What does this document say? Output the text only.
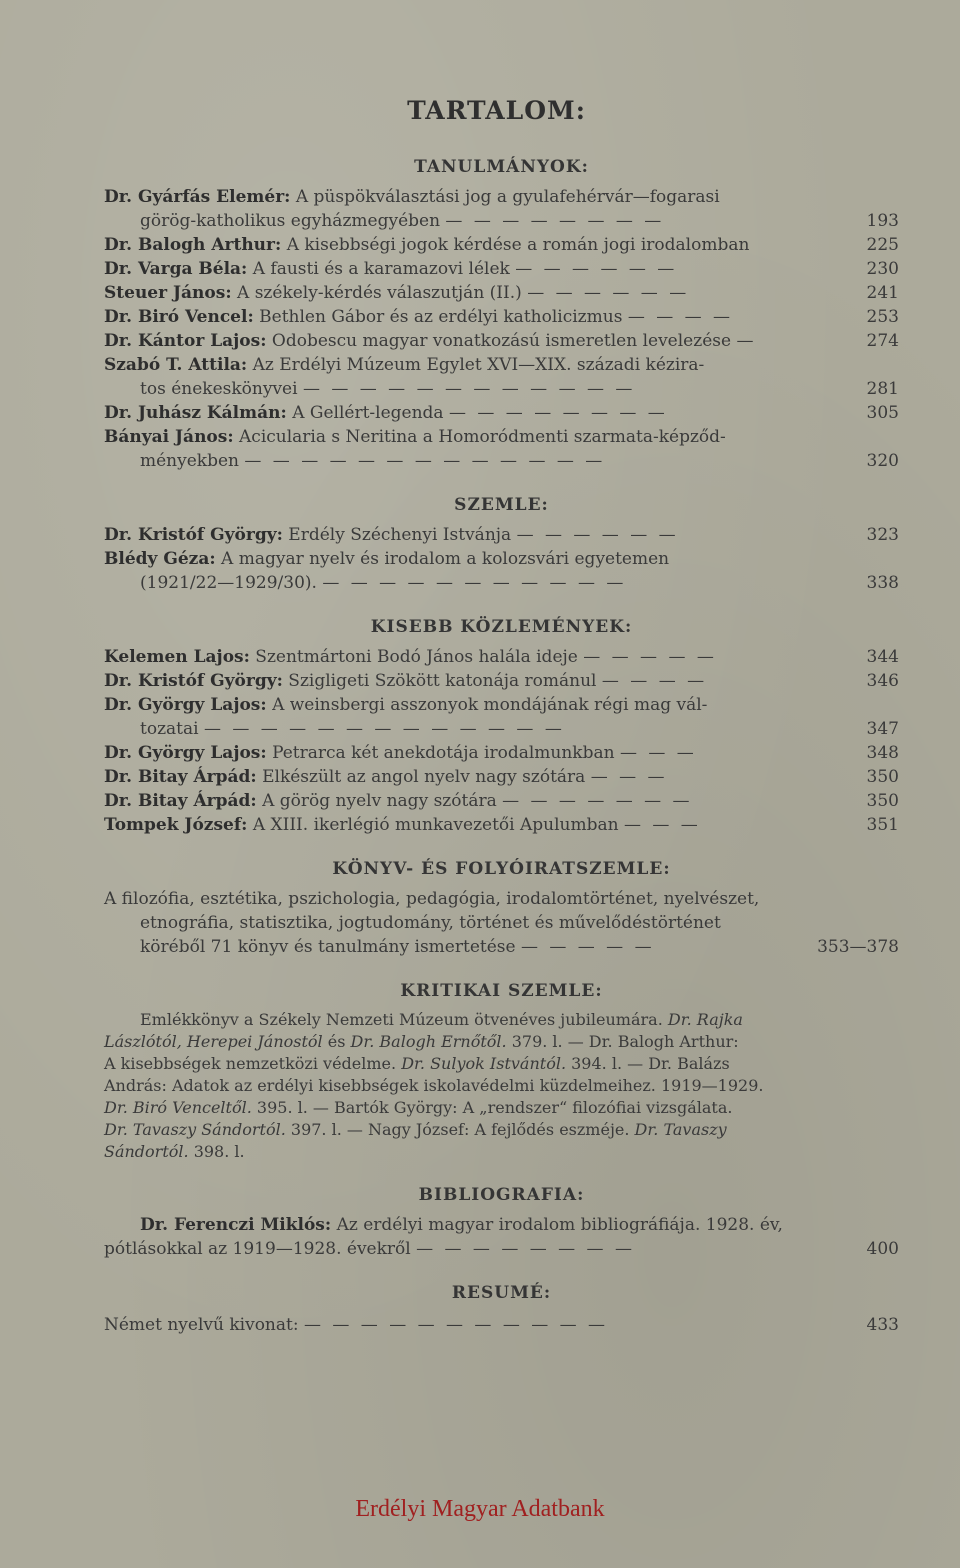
TARTALOM:
TANULMÁNYOK:
Dr. Gyárfás Elemér: A püspökválasztási jog a gyulafehérvár—fogarasi
görög-katholikus egyházmegyében — — — — — — — —	193
Dr. Balogh Arthur: A kisebbségi jogok kérdése a román jogi irodalomban	225
Dr. Varga Béla: A fausti és a karamazovi lélek — — — — — —	230
Steuer János: A székely-kérdés válaszutján (II.) — — — — — —	241
Dr. Biró Vencel: Bethlen Gábor és az erdélyi katholicizmus — — — —	253
Dr. Kántor Lajos: Odobescu magyar vonatkozású ismeretlen levelezése —	274
Szabó T. Attila: Az Erdélyi Múzeum Egylet XVI—XIX. századi kézira-
tos énekeskönyvei — — — — — — — — — — — —	281
Dr. Juhász Kálmán: A Gellért-legenda — — — — — — — —	305
Bányai János: Acicularia s Neritina a Homoródmenti szarmata-képződ-
ményekben — — — — — — — — — — — — —	320
SZEMLE:
Dr. Kristóf György: Erdély Széchenyi Istvánja — — — — — —	323
Blédy Géza: A magyar nyelv és irodalom a kolozsvári egyetemen
(1921/22—1929/30). — — — — — — — — — — —	338
KISEBB KÖZLEMÉNYEK:
Kelemen Lajos: Szentmártoni Bodó János halála ideje — — — — —	344
Dr. Kristóf György: Szigligeti Szökött katonája románul — — — —	346
Dr. György Lajos: A weinsbergi asszonyok mondájának régi mag vál-
tozatai — — — — — — — — — — — — —	347
Dr. György Lajos: Petrarca két anekdotája irodalmunkban — — —	348
Dr. Bitay Árpád: Elkészült az angol nyelv nagy szótára — — —	350
Dr. Bitay Árpád: A görög nyelv nagy szótára — — — — — — —	350
Tompek József: A XIII. ikerlégió munkavezetői Apulumban — — —	351
KÖNYV- ÉS FOLYÓIRATSZEMLE:
A filozófia, esztétika, pszichologia, pedagógia, irodalomtörténet, nyelvészet,
etnográfia, statisztika, jogtudomány, történet és művelődéstörténet
köréből 71 könyv és tanulmány ismertetése — — — — —	353—378
KRITIKAI SZEMLE:
Emlékkönyv a Székely Nemzeti Múzeum ötvenéves jubileumára. Dr. Rajka
Lászlótól, Herepei Jánostól és Dr. Balogh Ernőtől. 379. l. — Dr. Balogh Arthur:
A kisebbségek nemzetközi védelme. Dr. Sulyok Istvántól. 394. l. — Dr. Balázs
András: Adatok az erdélyi kisebbségek iskolavédelmi küzdelmeihez. 1919—1929.
Dr. Biró Venceltől. 395. l. — Bartók György: A „rendszer“ filozófiai vizsgálata.
Dr. Tavaszy Sándortól. 397. l. — Nagy József: A fejlődés eszméje. Dr. Tavaszy
Sándortól. 398. l.
BIBLIOGRAFIA:
Dr. Ferenczi Miklós: Az erdélyi magyar irodalom bibliográfiája. 1928. év,
pótlásokkal az 1919—1928. évekről — — — — — — — —	400
RESUMÉ:
Német nyelvű kivonat: — — — — — — — — — — —	433
Erdélyi Magyar Adatbank
